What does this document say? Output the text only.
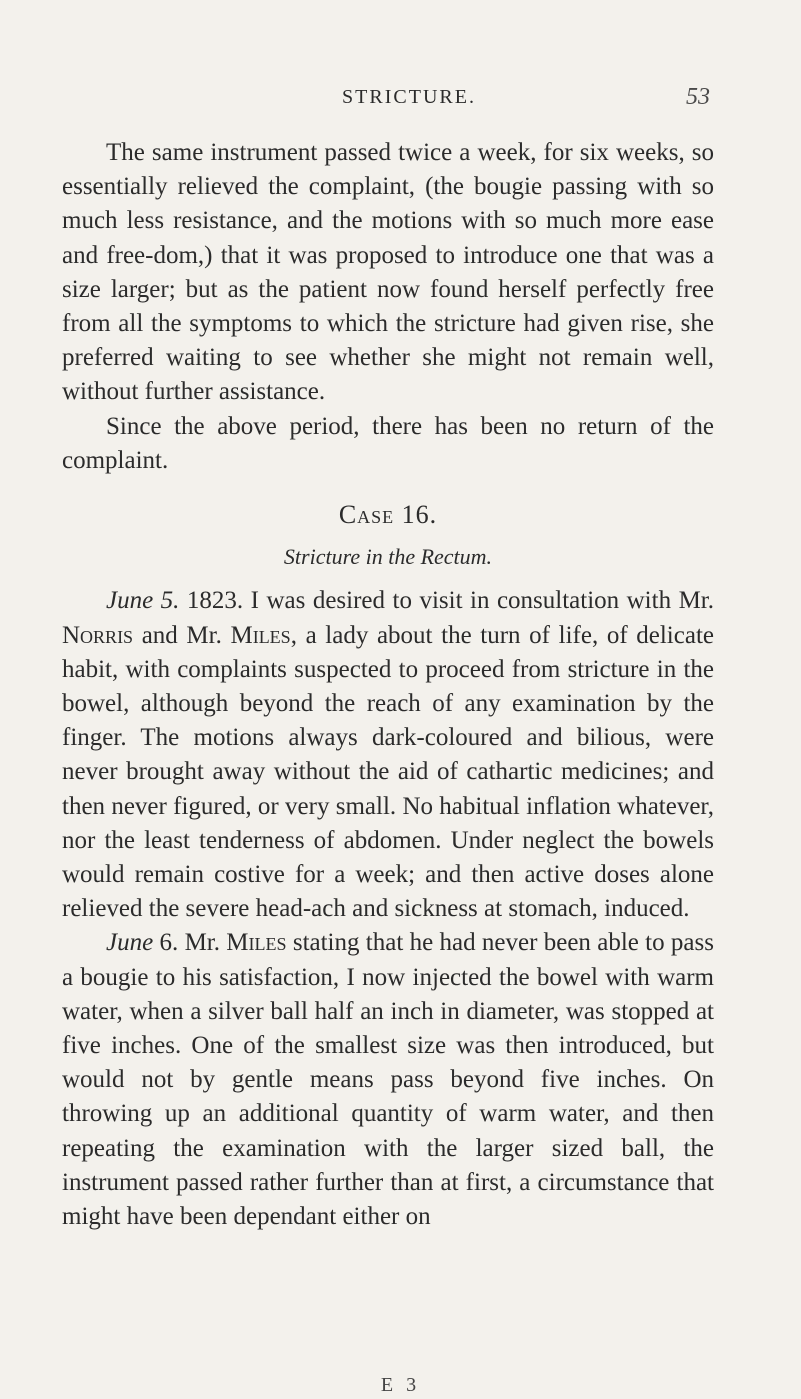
STRICTURE.	53

The same instrument passed twice a week, for six weeks, so essentially relieved the complaint, (the bougie passing with so much less resistance, and the motions with so much more ease and free-dom,) that it was proposed to introduce one that was a size larger; but as the patient now found herself perfectly free from all the symptoms to which the stricture had given rise, she preferred waiting to see whether she might not remain well, without further assistance.

Since the above period, there has been no return of the complaint.

Case 16.
Stricture in the Rectum.

June 5. 1823. I was desired to visit in consultation with Mr. Norris and Mr. Miles, a lady about the turn of life, of delicate habit, with complaints suspected to proceed from stricture in the bowel, although beyond the reach of any examination by the finger. The motions always dark-coloured and bilious, were never brought away without the aid of cathartic medicines; and then never figured, or very small. No habitual inflation whatever, nor the least tenderness of abdomen. Under neglect the bowels would remain costive for a week; and then active doses alone relieved the severe head-ach and sickness at stomach, induced.

June 6. Mr. Miles stating that he had never been able to pass a bougie to his satisfaction, I now injected the bowel with warm water, when a silver ball half an inch in diameter, was stopped at five inches. One of the smallest size was then introduced, but would not by gentle means pass beyond five inches. On throwing up an additional quantity of warm water, and then repeating the examination with the larger sized ball, the instrument passed rather further than at first, a circumstance that might have been dependant either on

E 3
